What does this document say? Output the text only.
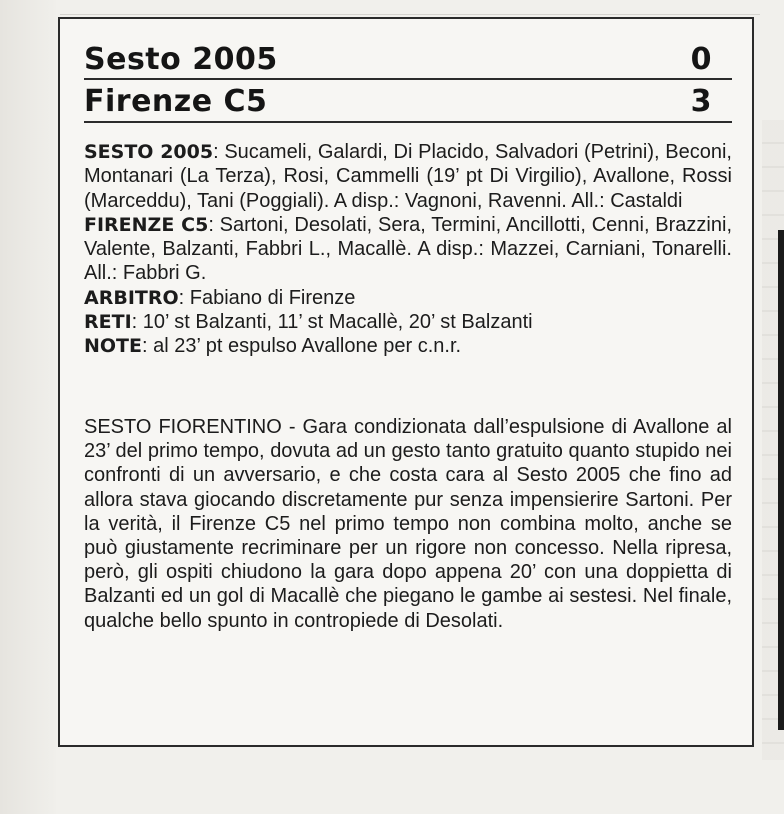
Sesto 2005	0
Firenze C5	3

SESTO 2005: Sucameli, Galardi, Di Placido, Salvadori (Petrini), Beconi, Montanari (La Terza), Rosi, Cammelli (19’ pt Di Virgilio), Avallone, Rossi (Marceddu), Tani (Poggiali). A disp.: Vagnoni, Ravenni. All.: Castaldi

FIRENZE C5: Sartoni, Desolati, Sera, Termini, Ancillotti, Cenni, Brazzini, Valente, Balzanti, Fabbri L., Macallè. A disp.: Mazzei, Carniani, Tonarelli. All.: Fabbri G.

ARBITRO: Fabiano di Firenze

RETI: 10’ st Balzanti, 11’ st Macallè, 20’ st Balzanti

NOTE: al 23’ pt espulso Avallone per c.n.r.

SESTO FIORENTINO - Gara condizionata dall’espulsione di Avallone al 23’ del primo tempo, dovuta ad un gesto tanto gratuito quanto stupido nei confronti di un avversario, e che costa cara al Sesto 2005 che fino ad allora stava giocando discretamente pur senza impensierire Sartoni. Per la verità, il Firenze C5 nel primo tempo non combina molto, anche se può giustamente recriminare per un rigore non concesso. Nella ripresa, però, gli ospiti chiudono la gara dopo appena 20’ con una doppietta di Balzanti ed un gol di Macallè che piegano le gambe ai sestesi. Nel finale, qualche bello spunto in contropiede di Desolati.
